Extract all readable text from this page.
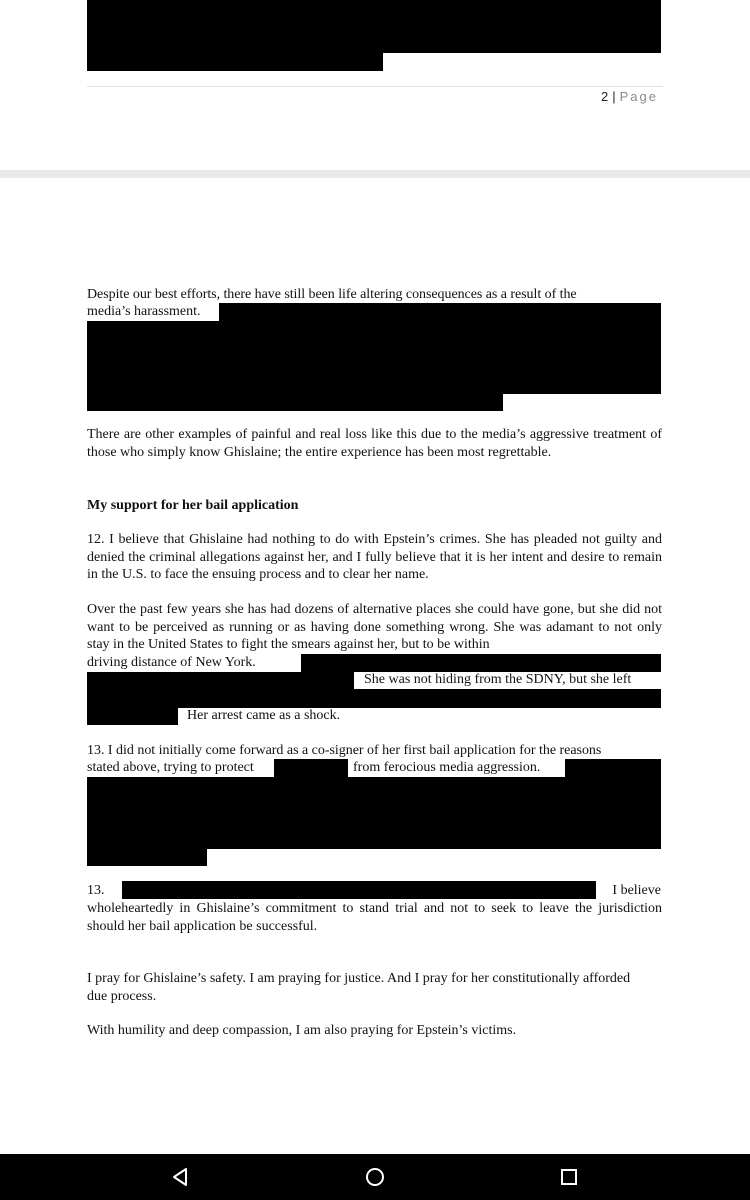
2 | Page
Despite our best efforts, there have still been life altering consequences as a result of the
media’s harassment.

There are other examples of painful and real loss like this due to the media’s aggressive treatment of those who simply know Ghislaine; the entire experience has been most regrettable.

My support for her bail application

12. I believe that Ghislaine had nothing to do with Epstein’s crimes. She has pleaded not guilty and denied the criminal allegations against her, and I fully believe that it is her intent and desire to remain in the U.S. to face the ensuing process and to clear her name.

Over the past few years she has had dozens of alternative places she could have gone, but she did not want to be perceived as running or as having done something wrong. She was adamant to not only stay in the United States to fight the smears against her, but to be within

driving distance of New York.
She was not hiding from the SDNY, but she left
Her arrest came as a shock.
13. I did not initially come forward as a co-signer of her first bail application for the reasons
stated above, trying to protect	from ferocious media aggression.
13.	I believe

wholeheartedly in Ghislaine’s commitment to stand trial and not to seek to leave the jurisdiction should her bail application be successful.

I pray for Ghislaine’s safety. I am praying for justice. And I pray for her constitutionally afforded due process.

With humility and deep compassion, I am also praying for Epstein’s victims.
